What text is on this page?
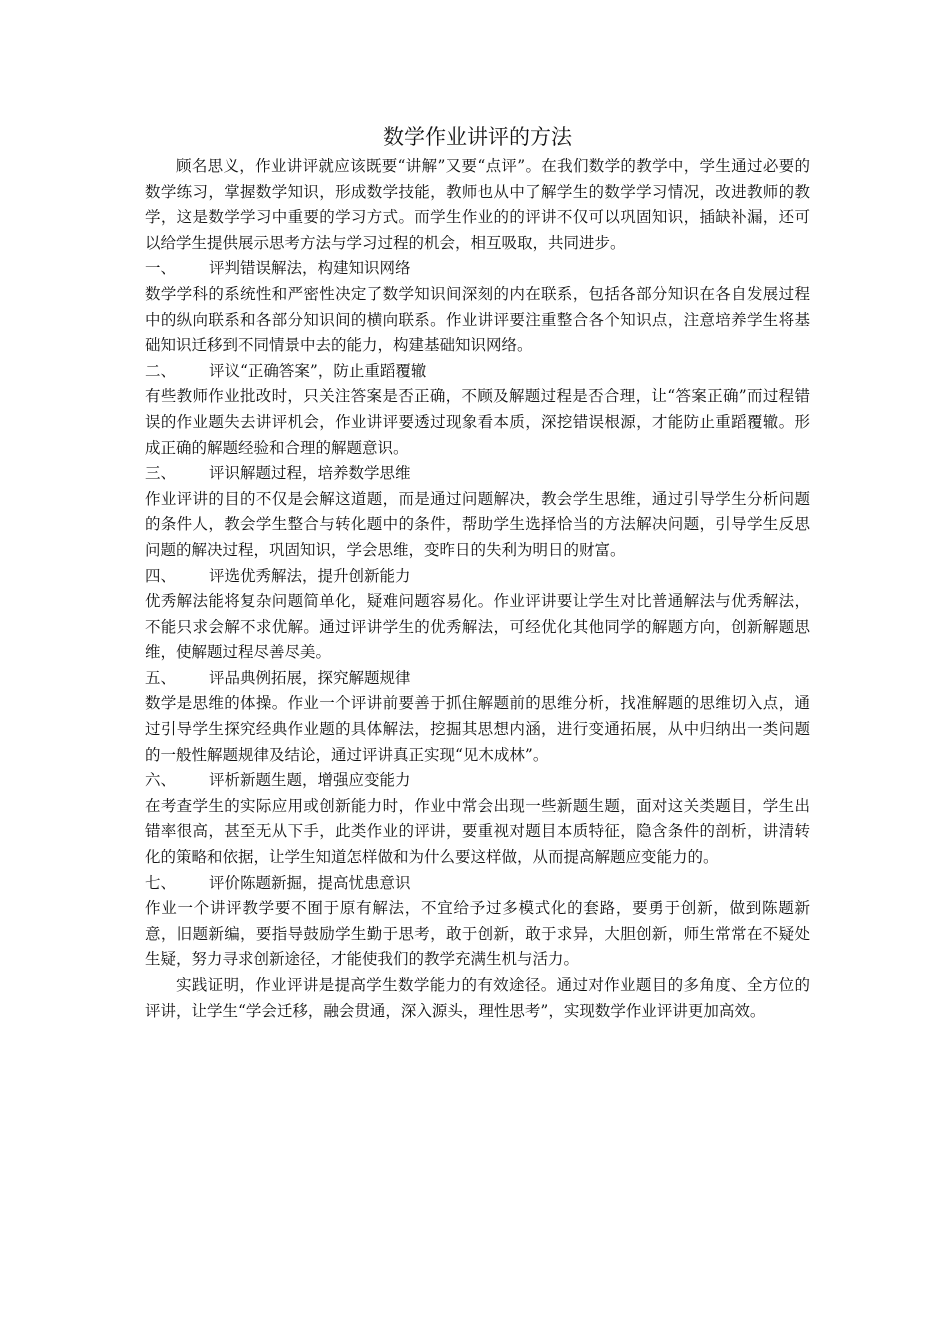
数学作业讲评的方法

顾名思义，作业讲评就应该既要“讲解”又要“点评”。在我们数学的教学中，学生通过必要的数学练习，掌握数学知识，形成数学技能，教师也从中了解学生的数学学习情况，改进教师的教学，这是数学学习中重要的学习方式。而学生作业的的评讲不仅可以巩固知识，插缺补漏，还可以给学生提供展示思考方法与学习过程的机会，相互吸取，共同进步。

一、	评判错误解法，构建知识网络

数学学科的系统性和严密性决定了数学知识间深刻的内在联系，包括各部分知识在各自发展过程中的纵向联系和各部分知识间的横向联系。作业讲评要注重整合各个知识点，注意培养学生将基础知识迁移到不同情景中去的能力，构建基础知识网络。

二、	评议“正确答案”，防止重蹈覆辙

有些教师作业批改时，只关注答案是否正确，不顾及解题过程是否合理，让“答案正确”而过程错误的作业题失去讲评机会，作业讲评要透过现象看本质，深挖错误根源，才能防止重蹈覆辙。形成正确的解题经验和合理的解题意识。

三、	评识解题过程，培养数学思维

作业评讲的目的不仅是会解这道题，而是通过问题解决，教会学生思维，通过引导学生分析问题的条件人，教会学生整合与转化题中的条件，帮助学生选择恰当的方法解决问题，引导学生反思问题的解决过程，巩固知识，学会思维，变昨日的失利为明日的财富。

四、	评选优秀解法，提升创新能力

优秀解法能将复杂问题简单化，疑难问题容易化。作业评讲要让学生对比普通解法与优秀解法，不能只求会解不求优解。通过评讲学生的优秀解法，可经优化其他同学的解题方向，创新解题思维，使解题过程尽善尽美。

五、	评品典例拓展，探究解题规律

数学是思维的体操。作业一个评讲前要善于抓住解题前的思维分析，找准解题的思维切入点，通过引导学生探究经典作业题的具体解法，挖掘其思想内涵，进行变通拓展，从中归纳出一类问题的一般性解题规律及结论，通过评讲真正实现“见木成林”。

六、	评析新题生题，增强应变能力

在考查学生的实际应用或创新能力时，作业中常会出现一些新题生题，面对这关类题目，学生出错率很高，甚至无从下手，此类作业的评讲，要重视对题目本质特征，隐含条件的剖析，讲清转化的策略和依据，让学生知道怎样做和为什么要这样做，从而提高解题应变能力的。

七、	评价陈题新掘，提高忧患意识

作业一个讲评教学要不囿于原有解法，不宜给予过多模式化的套路，要勇于创新，做到陈题新意，旧题新编，要指导鼓励学生勤于思考，敢于创新，敢于求异，大胆创新，师生常常在不疑处生疑，努力寻求创新途径，才能使我们的教学充满生机与活力。

实践证明，作业评讲是提高学生数学能力的有效途径。通过对作业题目的多角度、全方位的评讲，让学生“学会迁移，融会贯通，深入源头，理性思考”，实现数学作业评讲更加高效。
